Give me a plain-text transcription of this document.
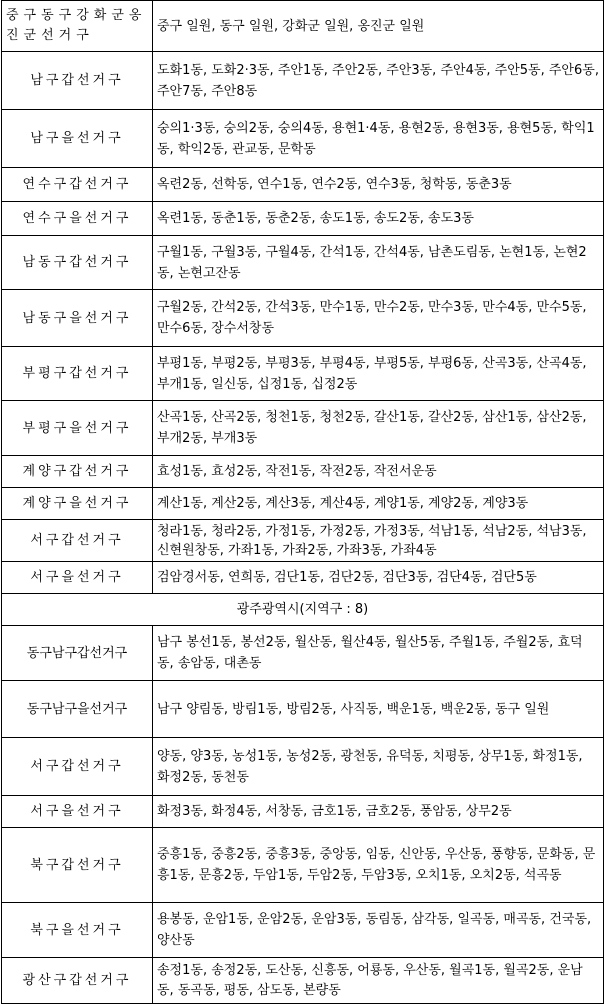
중구동구강화군옹진군선거구	중구 일원, 동구 일원, 강화군 일원, 옹진군 일원
남구갑선거구	도화1동, 도화2·3동, 주안1동, 주안2동, 주안3동, 주안4동, 주안5동, 주안6동, 주안7동, 주안8동
남구을선거구	숭의1·3동, 숭의2동, 숭의4동, 용현1·4동, 용현2동, 용현3동, 용현5동, 학익1동, 학익2동, 관교동, 문학동
연수구갑선거구	옥련2동, 선학동, 연수1동, 연수2동, 연수3동, 청학동, 동춘3동
연수구을선거구	옥련1동, 동춘1동, 동춘2동, 송도1동, 송도2동, 송도3동
남동구갑선거구	구월1동, 구월3동, 구월4동, 간석1동, 간석4동, 남촌도림동, 논현1동, 논현2동, 논현고잔동
남동구을선거구	구월2동, 간석2동, 간석3동, 만수1동, 만수2동, 만수3동, 만수4동, 만수5동, 만수6동, 장수서창동
부평구갑선거구	부평1동, 부평2동, 부평3동, 부평4동, 부평5동, 부평6동, 산곡3동, 산곡4동, 부개1동, 일신동, 십정1동, 십정2동
부평구을선거구	산곡1동, 산곡2동, 청천1동, 청천2동, 갈산1동, 갈산2동, 삼산1동, 삼산2동, 부개2동, 부개3동
계양구갑선거구	효성1동, 효성2동, 작전1동, 작전2동, 작전서운동
계양구을선거구	계산1동, 계산2동, 계산3동, 계산4동, 계양1동, 계양2동, 계양3동
서구갑선거구	청라1동, 청라2동, 가정1동, 가정2동, 가정3동, 석남1동, 석남2동, 석남3동, 신현원창동, 가좌1동, 가좌2동, 가좌3동, 가좌4동
서구을선거구	검암경서동, 연희동, 검단1동, 검단2동, 검단3동, 검단4동, 검단5동
광주광역시(지역구 : 8)	
동구남구갑선거구	남구 봉선1동, 봉선2동, 월산동, 월산4동, 월산5동, 주월1동, 주월2동, 효덕동, 송암동, 대촌동
동구남구을선거구	남구 양림동, 방림1동, 방림2동, 사직동, 백운1동, 백운2동, 동구 일원
서구갑선거구	양동, 양3동, 농성1동, 농성2동, 광천동, 유덕동, 치평동, 상무1동, 화정1동, 화정2동, 동천동
서구을선거구	화정3동, 화정4동, 서창동, 금호1동, 금호2동, 풍암동, 상무2동
북구갑선거구	중흥1동, 중흥2동, 중흥3동, 중앙동, 임동, 신안동, 우산동, 풍향동, 문화동, 문흥1동, 문흥2동, 두암1동, 두암2동, 두암3동, 오치1동, 오치2동, 석곡동
북구을선거구	용봉동, 운암1동, 운암2동, 운암3동, 동림동, 삼각동, 일곡동, 매곡동, 건국동, 양산동
광산구갑선거구	송정1동, 송정2동, 도산동, 신흥동, 어룡동, 우산동, 월곡1동, 월곡2동, 운남동, 동곡동, 평동, 삼도동, 본량동
